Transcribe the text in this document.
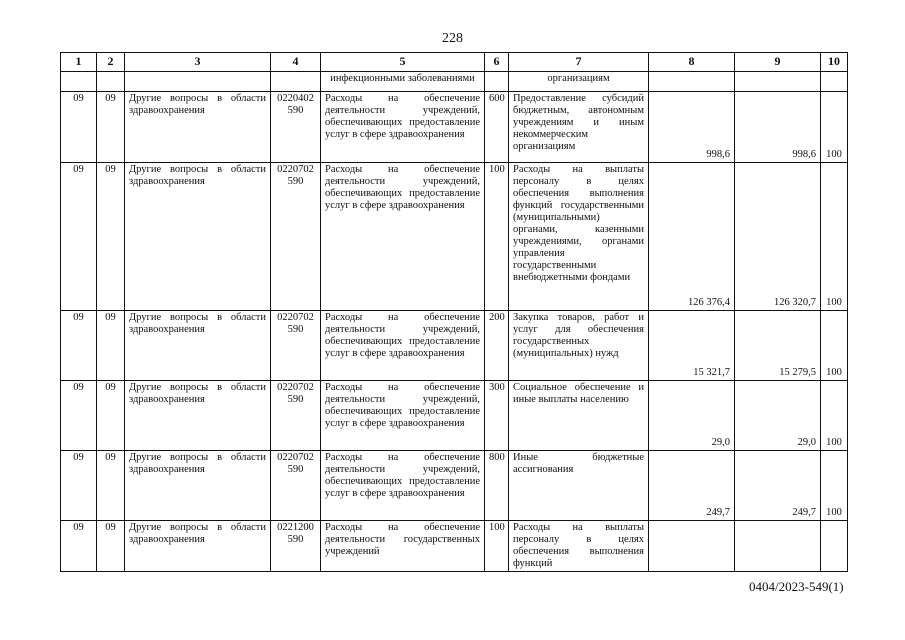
228
1	2	3	4	5	6	7	8	9	10
				инфекционными заболеваниями		организациям			
09	09	Другие вопросы в области здравоохранения	0220402 590	Расходы на обеспечение деятельности учреждений, обеспечивающих предоставление услуг в сфере здравоохранения	600	Предоставление субсидий бюджетным, автономным учреждениям и иным некоммерческим организациям	998,6	998,6	100
09	09	Другие вопросы в области здравоохранения	0220702 590	Расходы на обеспечение деятельности учреждений, обеспечивающих предоставление услуг в сфере здравоохранения	100	Расходы на выплаты персоналу в целях обеспечения выполнения функций государственными (муниципальными) органами, казенными учреждениями, органами управления государственными внебюджетными фондами	126 376,4	126 320,7	100
09	09	Другие вопросы в области здравоохранения	0220702 590	Расходы на обеспечение деятельности учреждений, обеспечивающих предоставление услуг в сфере здравоохранения	200	Закупка товаров, работ и услуг для обеспечения государственных (муниципальных) нужд	15 321,7	15 279,5	100
09	09	Другие вопросы в области здравоохранения	0220702 590	Расходы на обеспечение деятельности учреждений, обеспечивающих предоставление услуг в сфере здравоохранения	300	Социальное обеспечение и иные выплаты населению	29,0	29,0	100
09	09	Другие вопросы в области здравоохранения	0220702 590	Расходы на обеспечение деятельности учреждений, обеспечивающих предоставление услуг в сфере здравоохранения	800	Иные бюджетные ассигнования	249,7	249,7	100
09	09	Другие вопросы в области здравоохранения	0221200 590	Расходы на обеспечение деятельности государственных учреждений	100	Расходы на выплаты персоналу в целях обеспечения выполнения функций			
0404/2023-549(1)
